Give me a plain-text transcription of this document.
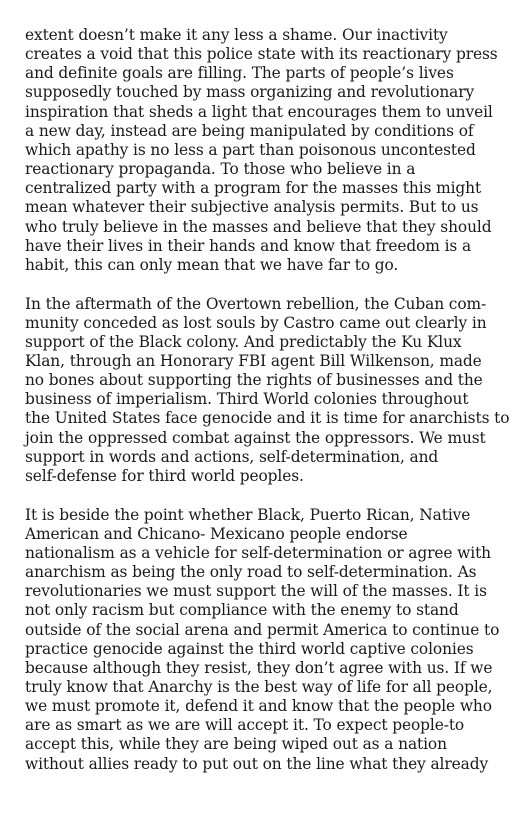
extent doesn’t make it any less a shame. Our inactivity
creates a void that this police state with its reactionary press
and definite goals are filling. The parts of people’s lives
supposedly touched by mass organizing and revolutionary
inspiration that sheds a light that encourages them to unveil
a new day, instead are being manipulated by conditions of
which apathy is no less a part than poisonous uncontested
reactionary propaganda. To those who believe in a
centralized party with a program for the masses this might
mean whatever their subjective analysis permits. But to us
who truly believe in the masses and believe that they should
have their lives in their hands and know that freedom is a
habit, this can only mean that we have far to go.

In the aftermath of the Overtown rebellion, the Cuban com-
munity conceded as lost souls by Castro came out clearly in
support of the Black colony. And predictably the Ku Klux
Klan, through an Honorary FBI agent Bill Wilkenson, made
no bones about supporting the rights of businesses and the
business of imperialism. Third World colonies throughout
the United States face genocide and it is time for anarchists to
join the oppressed combat against the oppressors. We must
support in words and actions, self-determination, and
self-defense for third world peoples.

It is beside the point whether Black, Puerto Rican, Native
American and Chicano- Mexicano people endorse
nationalism as a vehicle for self-determination or agree with
anarchism as being the only road to self-determination. As
revolutionaries we must support the will of the masses. It is
not only racism but compliance with the enemy to stand
outside of the social arena and permit America to continue to
practice genocide against the third world captive colonies
because although they resist, they don’t agree with us. If we
truly know that Anarchy is the best way of life for all people,
we must promote it, defend it and know that the people who
are as smart as we are will accept it. To expect people-to
accept this, while they are being wiped out as a nation
without allies ready to put out on the line what they already
